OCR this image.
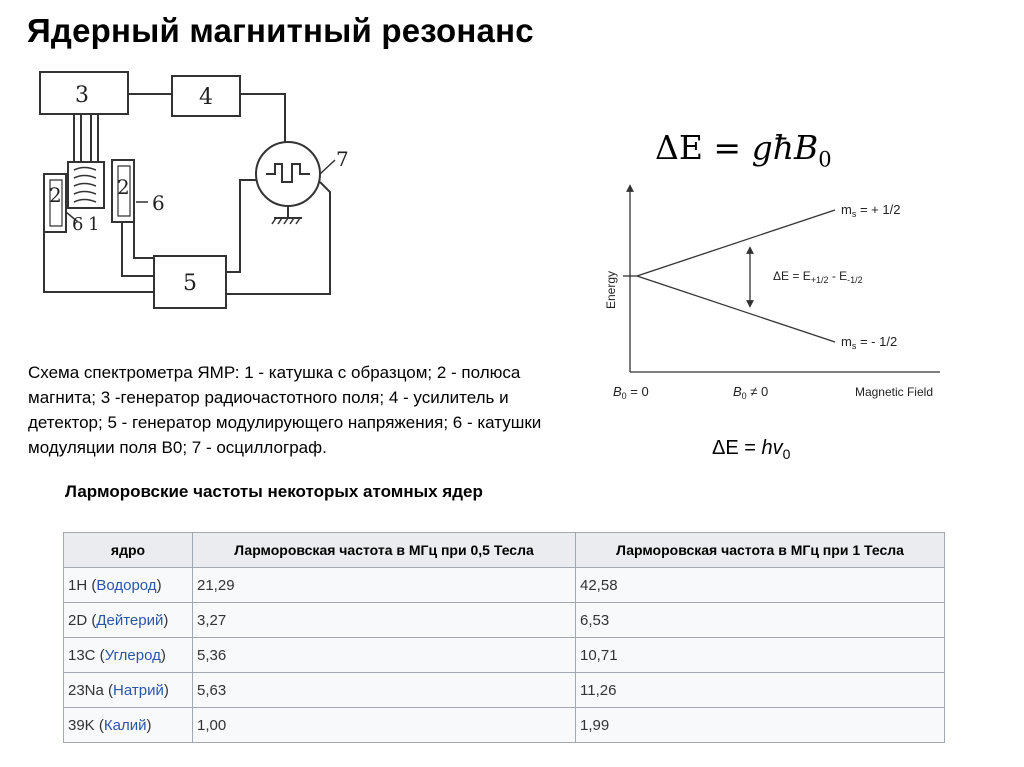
Ядерный магнитный резонанс
3	4
2	2
6
6 1
5
7
Схема спектрометра ЯМР: 1 - катушка с образцом; 2 - полюса магнита; 3 -генератор радиочастотного поля; 4 - усилитель и детектор; 5 - генератор модулирующего напряжения; 6 - катушки модуляции поля В0; 7 - осциллограф.
ΔE = għB$_0$
Energy
Magnetic Field
$B_0 = 0$	$B_0 \ne 0$
$m_s$ = + 1/2
$m_s$ = - 1/2
$\Delta E = E_{+1/2} - E_{-1/2}$
$\Delta E = hv_0$
Ларморовские частоты некоторых атомных ядер
ядро	Ларморовская частота в МГц при 0,5 Тесла	Ларморовская частота в МГц при 1 Тесла
1H (Водород)	21,29	42,58
2D (Дейтерий)	3,27	6,53
13C (Углерод)	5,36	10,71
23Na (Натрий)	5,63	11,26
39K (Калий)	1,00	1,99
